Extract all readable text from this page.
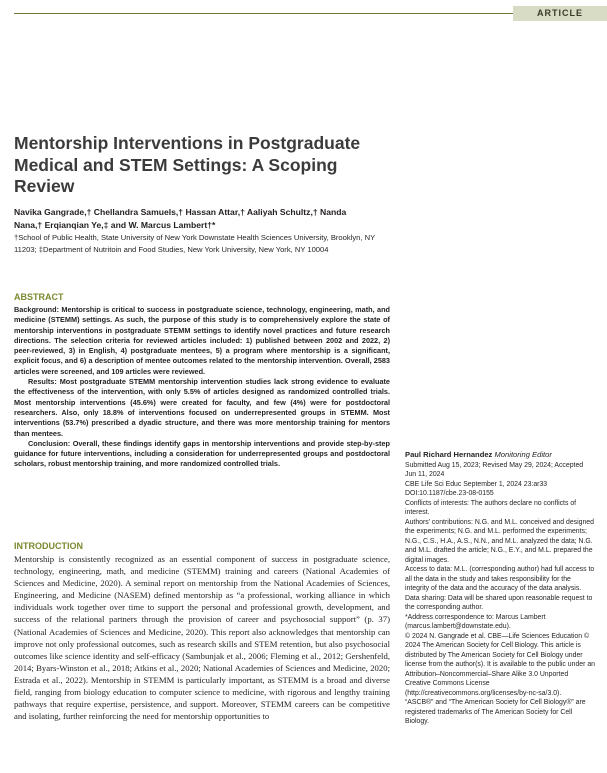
ARTICLE
Mentorship Interventions in Postgraduate Medical and STEM Settings: A Scoping Review
Navika Gangrade,† Chellandra Samuels,† Hassan Attar,† Aaliyah Schultz,† Nanda Nana,† Erqianqian Ye,‡ and W. Marcus Lambert†*
†School of Public Health, State University of New York Downstate Health Sciences University, Brooklyn, NY 11203; ‡Department of Nutritoin and Food Studies, New York University, New York, NY 10004
ABSTRACT

Background: Mentorship is critical to success in postgraduate science, technology, engineering, math, and medicine (STEMM) settings. As such, the purpose of this study is to comprehensively explore the state of mentorship interventions in postgraduate STEMM settings to identify novel practices and future research directions. The selection criteria for reviewed articles included: 1) published between 2002 and 2022, 2) peer-reviewed, 3) in English, 4) postgraduate mentees, 5) a program where mentorship is a significant, explicit focus, and 6) a description of mentee outcomes related to the mentorship intervention. Overall, 2583 articles were screened, and 109 articles were reviewed.

Results: Most postgraduate STEMM mentorship intervention studies lack strong evidence to evaluate the effectiveness of the intervention, with only 5.5% of articles designed as randomized controlled trials. Most mentorship interventions (45.6%) were created for faculty, and few (4%) were for postdoctoral researchers. Also, only 18.8% of interventions focused on underrepresented groups in STEMM. Most interventions (53.7%) prescribed a dyadic structure, and there was more mentorship training for mentors than mentees.

Conclusion: Overall, these findings identify gaps in mentorship interventions and provide step-by-step guidance for future interventions, including a consideration for underrepresented groups and postdoctoral scholars, robust mentorship training, and more randomized controlled trials.

INTRODUCTION

Mentorship is consistently recognized as an essential component of success in postgraduate science, technology, engineering, math, and medicine (STEMM) training and careers (National Academies of Sciences and Medicine, 2020). A seminal report on mentorship from the National Academies of Sciences, Engineering, and Medicine (NASEM) defined mentorship as “a professional, working alliance in which individuals work together over time to support the personal and professional growth, development, and success of the relational partners through the provision of career and psychosocial support” (p. 37) (National Academies of Sciences and Medicine, 2020). This report also acknowledges that mentorship can improve not only professional outcomes, such as research skills and STEM retention, but also psychosocial outcomes like science identity and self-efficacy (Sambunjak et al., 2006; Fleming et al., 2012; Gershenfeld, 2014; Byars-Winston et al., 2018; Atkins et al., 2020; National Academies of Sciences and Medicine, 2020; Estrada et al., 2022). Mentorship in STEMM is particularly important, as STEMM is a broad and diverse field, ranging from biology education to computer science to medicine, with rigorous and lengthy training pathways that require expertise, persistence, and support. Moreover, STEMM careers can be competitive and isolating, further reinforcing the need for mentorship opportunities to

Paul Richard Hernandez Monitoring Editor

Submitted Aug 15, 2023; Revised May 29, 2024; Accepted Jun 11, 2024

CBE Life Sci Educ September 1, 2024 23:ar33

DOI:10.1187/cbe.23-08-0155

Conflicts of interests: The authors declare no conflicts of interest.

Authors’ contributions: N.G. and M.L. conceived and designed the experiments; N.G. and M.L. performed the experiments; N.G., C.S., H.A., A.S., N.N., and M.L. analyzed the data; N.G. and M.L. drafted the article; N.G., E.Y., and M.L. prepared the digital images.

Access to data: M.L. (corresponding author) had full access to all the data in the study and takes responsibility for the integrity of the data and the accuracy of the data analysis.

Data sharing: Data will be shared upon reasonable request to the corresponding author.

*Address correspondence to: Marcus Lambert (marcus.lambert@downstate.edu).

© 2024 N. Gangrade et al. CBE—Life Sciences Education © 2024 The American Society for Cell Biology. This article is distributed by The American Society for Cell Biology under license from the author(s). It is available to the public under an Attribution–Noncommercial–Share Alike 3.0 Unported Creative Commons License (http://creativecommons.org/licenses/by-nc-sa/3.0).

“ASCB®” and “The American Society for Cell Biology®” are registered trademarks of The American Society for Cell Biology.
